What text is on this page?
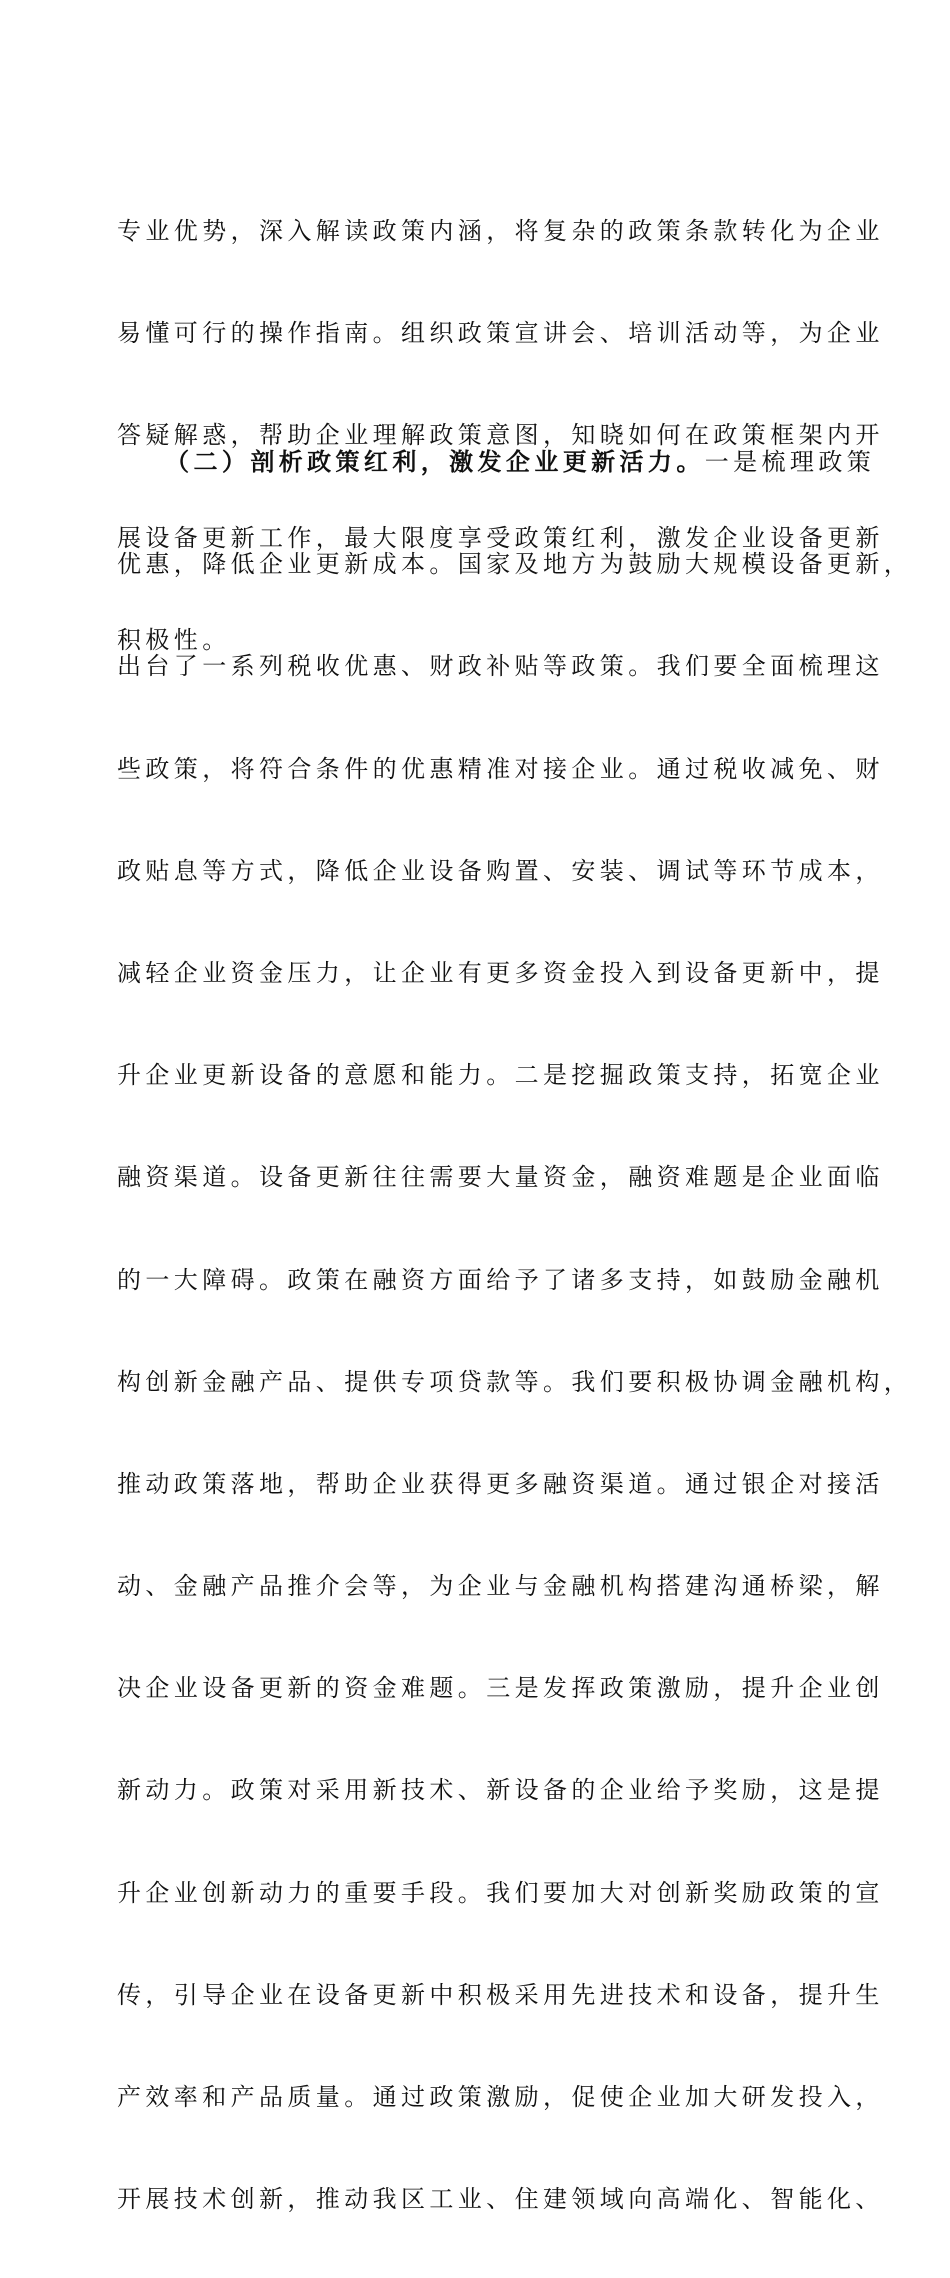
专业优势，深入解读政策内涵，将复杂的政策条款转化为企业

易懂可行的操作指南。组织政策宣讲会、培训活动等，为企业

答疑解惑，帮助企业理解政策意图，知晓如何在政策框架内开

展设备更新工作，最大限度享受政策红利，激发企业设备更新

积极性。

（二）剖析政策红利，激发企业更新活力。一是梳理政策

优惠，降低企业更新成本。国家及地方为鼓励大规模设备更新，

出台了一系列税收优惠、财政补贴等政策。我们要全面梳理这

些政策，将符合条件的优惠精准对接企业。通过税收减免、财

政贴息等方式，降低企业设备购置、安装、调试等环节成本，

减轻企业资金压力，让企业有更多资金投入到设备更新中，提

升企业更新设备的意愿和能力。二是挖掘政策支持，拓宽企业

融资渠道。设备更新往往需要大量资金，融资难题是企业面临

的一大障碍。政策在融资方面给予了诸多支持，如鼓励金融机

构创新金融产品、提供专项贷款等。我们要积极协调金融机构，

推动政策落地，帮助企业获得更多融资渠道。通过银企对接活

动、金融产品推介会等，为企业与金融机构搭建沟通桥梁，解

决企业设备更新的资金难题。三是发挥政策激励，提升企业创

新动力。政策对采用新技术、新设备的企业给予奖励，这是提

升企业创新动力的重要手段。我们要加大对创新奖励政策的宣

传，引导企业在设备更新中积极采用先进技术和设备，提升生

产效率和产品质量。通过政策激励，促使企业加大研发投入，

开展技术创新，推动我区工业、住建领域向高端化、智能化、
